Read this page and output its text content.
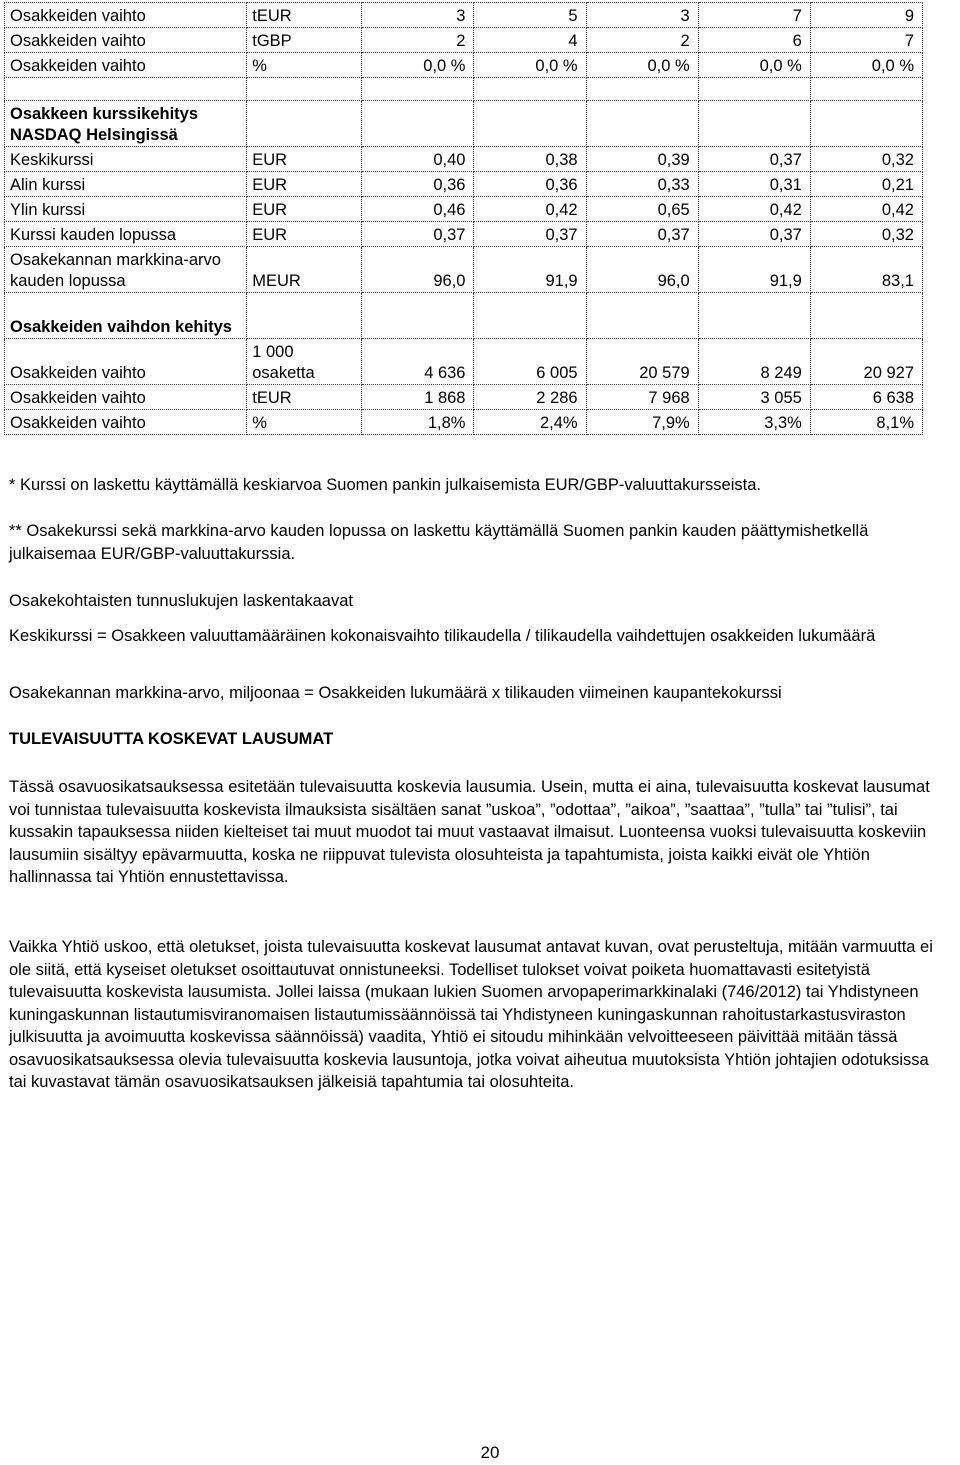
Osakkeiden vaihto	tEUR	3	5	3	7	9
Osakkeiden vaihto	tGBP	2	4	2	6	7
Osakkeiden vaihto	%	0,0 %	0,0 %	0,0 %	0,0 %	0,0 %

Osakkeen kurssikehitys NASDAQ Helsingissä						
Keskikurssi	EUR	0,40	0,38	0,39	0,37	0,32
Alin kurssi	EUR	0,36	0,36	0,33	0,31	0,21
Ylin kurssi	EUR	0,46	0,42	0,65	0,42	0,42
Kurssi kauden lopussa	EUR	0,37	0,37	0,37	0,37	0,32
Osakekannan markkina-arvo kauden lopussa	MEUR	96,0	91,9	96,0	91,9	83,1
Osakkeiden vaihdon kehitys						
Osakkeiden vaihto	1 000 osaketta	4 636	6 005	20 579	8 249	20 927
Osakkeiden vaihto	tEUR	1 868	2 286	7 968	3 055	6 638
Osakkeiden vaihto	%	1,8%	2,4%	7,9%	3,3%	8,1%

* Kurssi on laskettu käyttämällä keskiarvoa Suomen pankin julkaisemista EUR/GBP-valuuttakursseista.

** Osakekurssi sekä markkina-arvo kauden lopussa on laskettu käyttämällä Suomen pankin kauden päättymishetkellä julkaisemaa EUR/GBP-valuuttakurssia.

Osakekohtaisten tunnuslukujen laskentakaavat

Keskikurssi = Osakkeen valuuttamääräinen kokonaisvaihto tilikaudella / tilikaudella vaihdettujen osakkeiden lukumäärä

Osakekannan markkina-arvo, miljoonaa = Osakkeiden lukumäärä x tilikauden viimeinen kaupantekokurssi

TULEVAISUUTTA KOSKEVAT LAUSUMAT

Tässä osavuosikatsauksessa esitetään tulevaisuutta koskevia lausumia. Usein, mutta ei aina, tulevaisuutta koskevat lausumat voi tunnistaa tulevaisuutta koskevista ilmauksista sisältäen sanat ”uskoa”, ”odottaa”, ”aikoa”, ”saattaa”, ”tulla” tai ”tulisi”, tai kussakin tapauksessa niiden kielteiset tai muut muodot tai muut vastaavat ilmaisut. Luonteensa vuoksi tulevaisuutta koskeviin lausumiin sisältyy epävarmuutta, koska ne riippuvat tulevista olosuhteista ja tapahtumista, joista kaikki eivät ole Yhtiön hallinnassa tai Yhtiön ennustettavissa.

Vaikka Yhtiö uskoo, että oletukset, joista tulevaisuutta koskevat lausumat antavat kuvan, ovat perusteltuja, mitään varmuutta ei ole siitä, että kyseiset oletukset osoittautuvat onnistuneeksi. Todelliset tulokset voivat poiketa huomattavasti esitetyistä tulevaisuutta koskevista lausumista. Jollei laissa (mukaan lukien Suomen arvopaperimarkkinalaki (746/2012) tai Yhdistyneen kuningaskunnan listautumisviranomaisen listautumissäännöissä tai Yhdistyneen kuningaskunnan rahoitustarkastusviraston julkisuutta ja avoimuutta koskevissa säännöissä) vaadita, Yhtiö ei sitoudu mihinkään velvoitteeseen päivittää mitään tässä osavuosikatsauksessa olevia tulevaisuutta koskevia lausuntoja, jotka voivat aiheutua muutoksista Yhtiön johtajien odotuksissa tai kuvastavat tämän osavuosikatsauksen jälkeisiä tapahtumia tai olosuhteita.

20
